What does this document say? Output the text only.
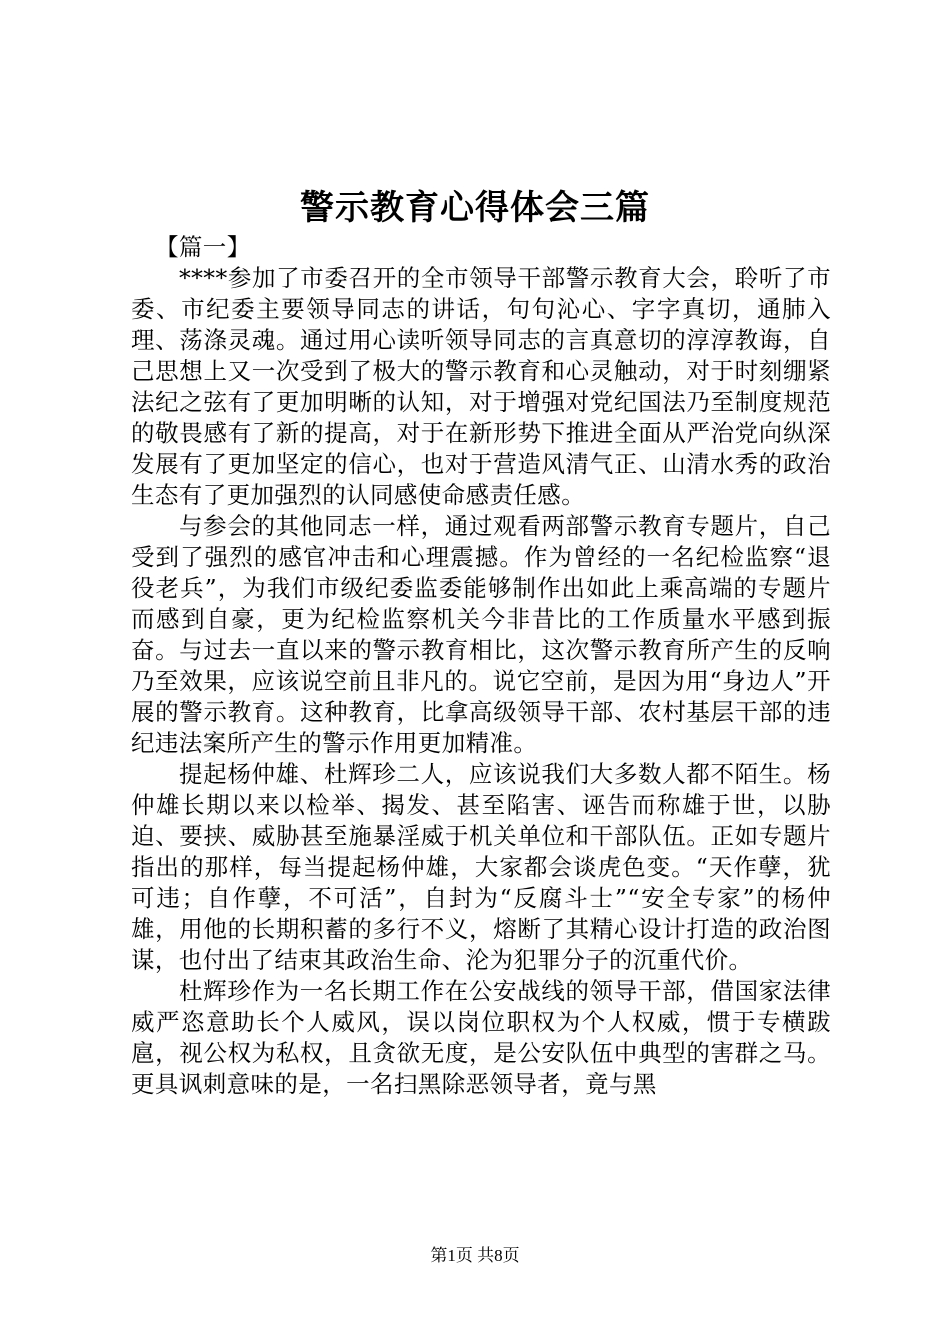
警示教育心得体会三篇

【篇一】

****参加了市委召开的全市领导干部警示教育大会，聆听了市委、市纪委主要领导同志的讲话，句句沁心、字字真切，通肺入理、荡涤灵魂。通过用心读听领导同志的言真意切的淳淳教诲，自己思想上又一次受到了极大的警示教育和心灵触动，对于时刻绷紧法纪之弦有了更加明晰的认知，对于增强对党纪国法乃至制度规范的敬畏感有了新的提高，对于在新形势下推进全面从严治党向纵深发展有了更加坚定的信心，也对于营造风清气正、山清水秀的政治生态有了更加强烈的认同感使命感责任感。

与参会的其他同志一样，通过观看两部警示教育专题片，自己受到了强烈的感官冲击和心理震撼。作为曾经的一名纪检监察“退役老兵”，为我们市级纪委监委能够制作出如此上乘高端的专题片而感到自豪，更为纪检监察机关今非昔比的工作质量水平感到振奋。与过去一直以来的警示教育相比，这次警示教育所产生的反响乃至效果，应该说空前且非凡的。说它空前，是因为用“身边人”开展的警示教育。这种教育，比拿高级领导干部、农村基层干部的违纪违法案所产生的警示作用更加精准。

提起杨仲雄、杜辉珍二人，应该说我们大多数人都不陌生。杨仲雄长期以来以检举、揭发、甚至陷害、诬告而称雄于世，以胁迫、要挟、威胁甚至施暴淫威于机关单位和干部队伍。正如专题片指出的那样，每当提起杨仲雄，大家都会谈虎色变。“天作孽，犹可违；自作孽，不可活”，自封为“反腐斗士”“安全专家”的杨仲雄，用他的长期积蓄的多行不义，熔断了其精心设计打造的政治图谋，也付出了结束其政治生命、沦为犯罪分子的沉重代价。

杜辉珍作为一名长期工作在公安战线的领导干部，借国家法律威严恣意助长个人威风，误以岗位职权为个人权威，惯于专横跋扈，视公权为私权，且贪欲无度，是公安队伍中典型的害群之马。更具讽刺意味的是，一名扫黑除恶领导者，竟与黑

第1页 共8页
